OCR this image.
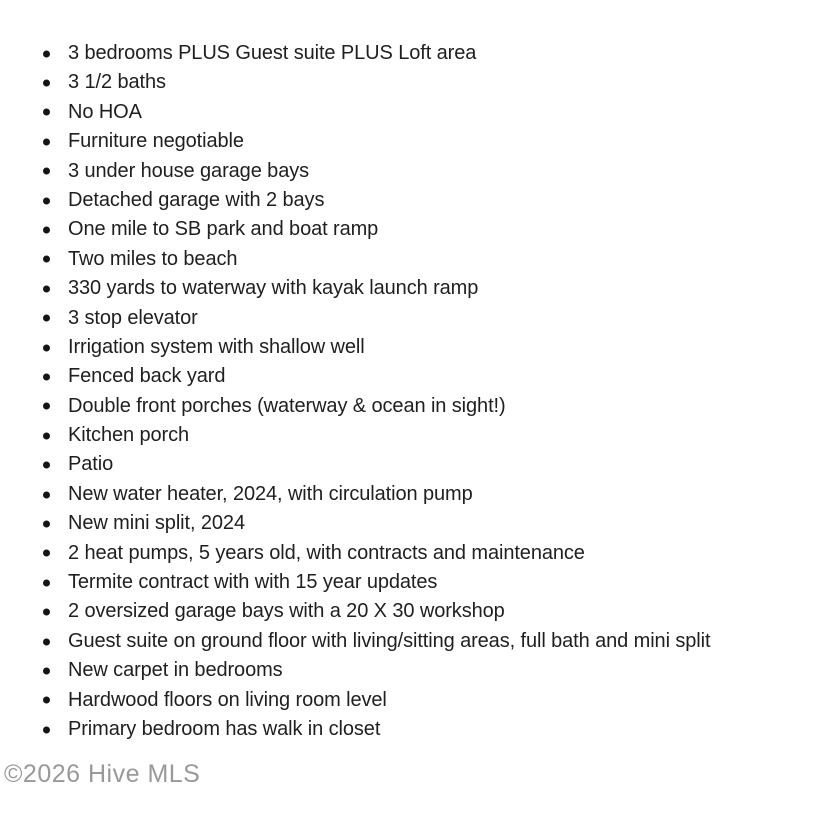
3 bedrooms PLUS Guest suite PLUS Loft area
3 1/2 baths
No HOA
Furniture negotiable
3 under house garage bays
Detached garage with 2 bays
One mile to SB park and boat ramp
Two miles to beach
330 yards to waterway with kayak launch ramp
3 stop elevator
Irrigation system with shallow well
Fenced back yard
Double front porches (waterway & ocean in sight!)
Kitchen porch
Patio
New water heater, 2024, with circulation pump
New mini split, 2024
2 heat pumps, 5 years old, with contracts and maintenance
Termite contract with with 15 year updates
2 oversized garage bays with a 20 X 30 workshop
Guest suite on ground floor with living/sitting areas, full bath and mini split
New carpet in bedrooms
Hardwood floors on living room level
Primary bedroom has walk in closet
©2026 Hive MLS
